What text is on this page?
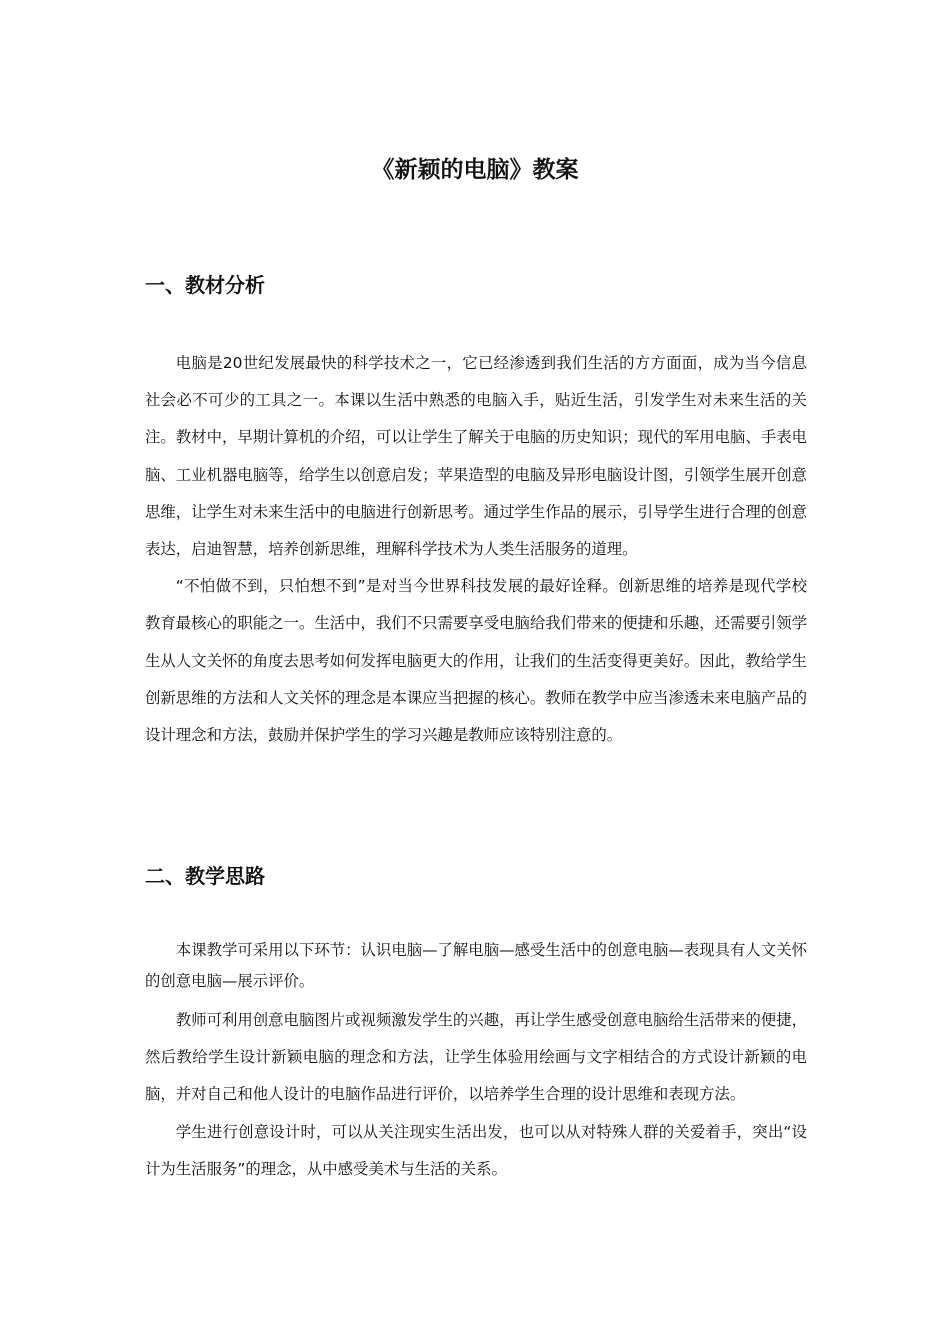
《新颖的电脑》教案
一、教材分析

电脑是20世纪发展最快的科学技术之一，它已经渗透到我们生活的方方面面，成为当今信息社会必不可少的工具之一。本课以生活中熟悉的电脑入手，贴近生活，引发学生对未来生活的关注。教材中，早期计算机的介绍，可以让学生了解关于电脑的历史知识；现代的军用电脑、手表电脑、工业机器电脑等，给学生以创意启发；苹果造型的电脑及异形电脑设计图，引领学生展开创意思维，让学生对未来生活中的电脑进行创新思考。通过学生作品的展示，引导学生进行合理的创意表达，启迪智慧，培养创新思维，理解科学技术为人类生活服务的道理。

“不怕做不到，只怕想不到”是对当今世界科技发展的最好诠释。创新思维的培养是现代学校教育最核心的职能之一。生活中，我们不只需要享受电脑给我们带来的便捷和乐趣，还需要引领学生从人文关怀的角度去思考如何发挥电脑更大的作用，让我们的生活变得更美好。因此，教给学生创新思维的方法和人文关怀的理念是本课应当把握的核心。教师在教学中应当渗透未来电脑产品的设计理念和方法，鼓励并保护学生的学习兴趣是教师应该特别注意的。

二、教学思路

本课教学可采用以下环节：认识电脑—了解电脑—感受生活中的创意电脑—表现具有人文关怀的创意电脑—展示评价。

教师可利用创意电脑图片或视频激发学生的兴趣，再让学生感受创意电脑给生活带来的便捷，然后教给学生设计新颖电脑的理念和方法，让学生体验用绘画与文字相结合的方式设计新颖的电脑，并对自己和他人设计的电脑作品进行评价，以培养学生合理的设计思维和表现方法。

学生进行创意设计时，可以从关注现实生活出发，也可以从对特殊人群的关爱着手，突出“设计为生活服务”的理念，从中感受美术与生活的关系。
